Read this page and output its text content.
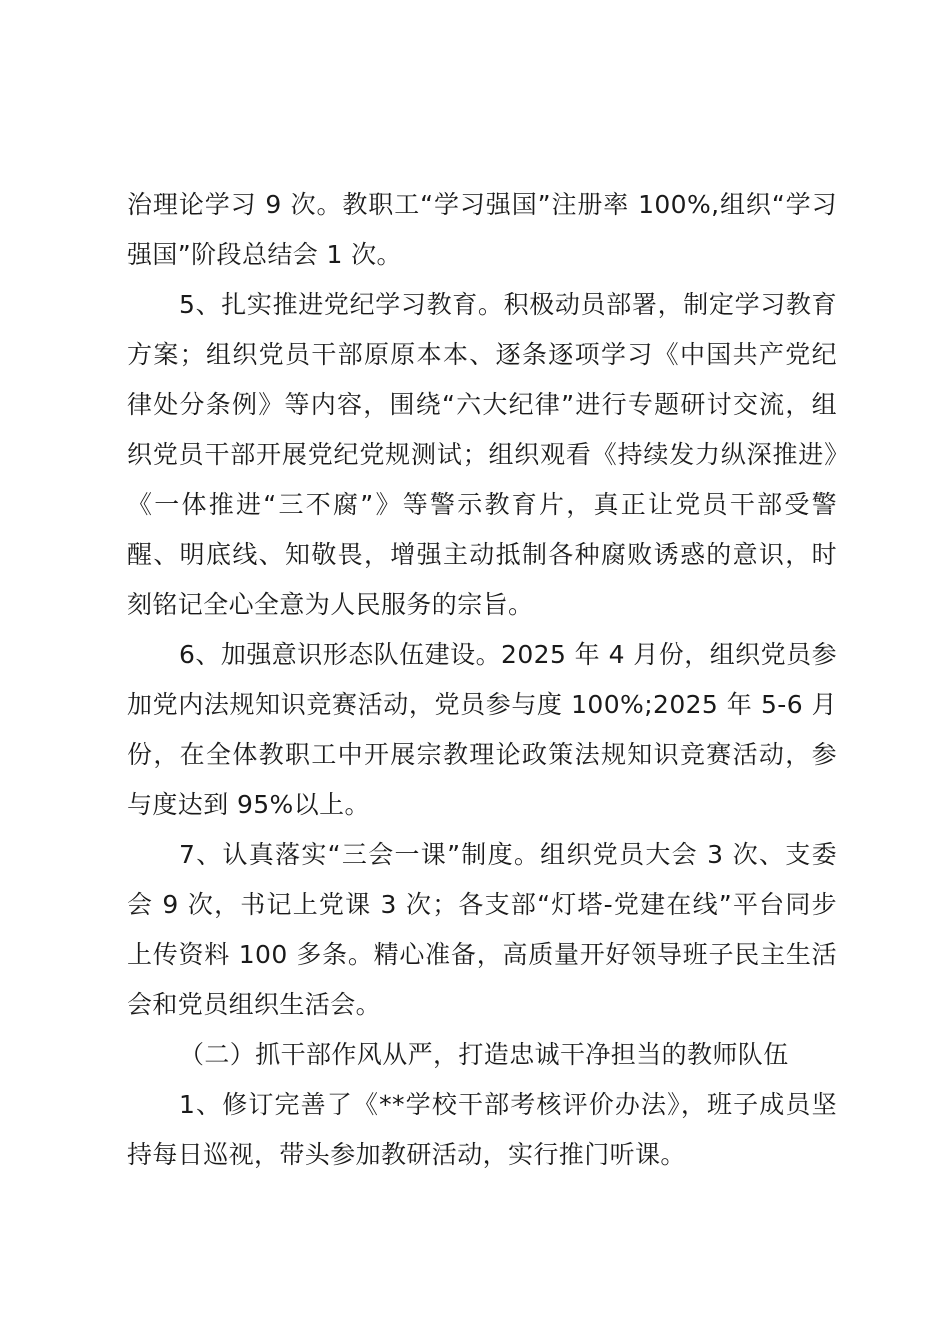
治理论学习 9 次。教职工“学习强国”注册率 100%,组织“学习强国”阶段总结会 1 次。

5、扎实推进党纪学习教育。积极动员部署，制定学习教育方案；组织党员干部原原本本、逐条逐项学习《中国共产党纪律处分条例》等内容，围绕“六大纪律”进行专题研讨交流，组织党员干部开展党纪党规测试；组织观看《持续发力纵深推进》《一体推进“三不腐”》等警示教育片，真正让党员干部受警醒、明底线、知敬畏，增强主动抵制各种腐败诱惑的意识，时刻铭记全心全意为人民服务的宗旨。

6、加强意识形态队伍建设。2025 年 4 月份，组织党员参加党内法规知识竞赛活动，党员参与度 100%;2025 年 5-6 月份，在全体教职工中开展宗教理论政策法规知识竞赛活动，参与度达到 95%以上。

7、认真落实“三会一课”制度。组织党员大会 3 次、支委会 9 次，书记上党课 3 次；各支部“灯塔-党建在线”平台同步上传资料 100 多条。精心准备，高质量开好领导班子民主生活会和党员组织生活会。

（二）抓干部作风从严，打造忠诚干净担当的教师队伍

1、修订完善了《**学校干部考核评价办法》，班子成员坚持每日巡视，带头参加教研活动，实行推门听课。
